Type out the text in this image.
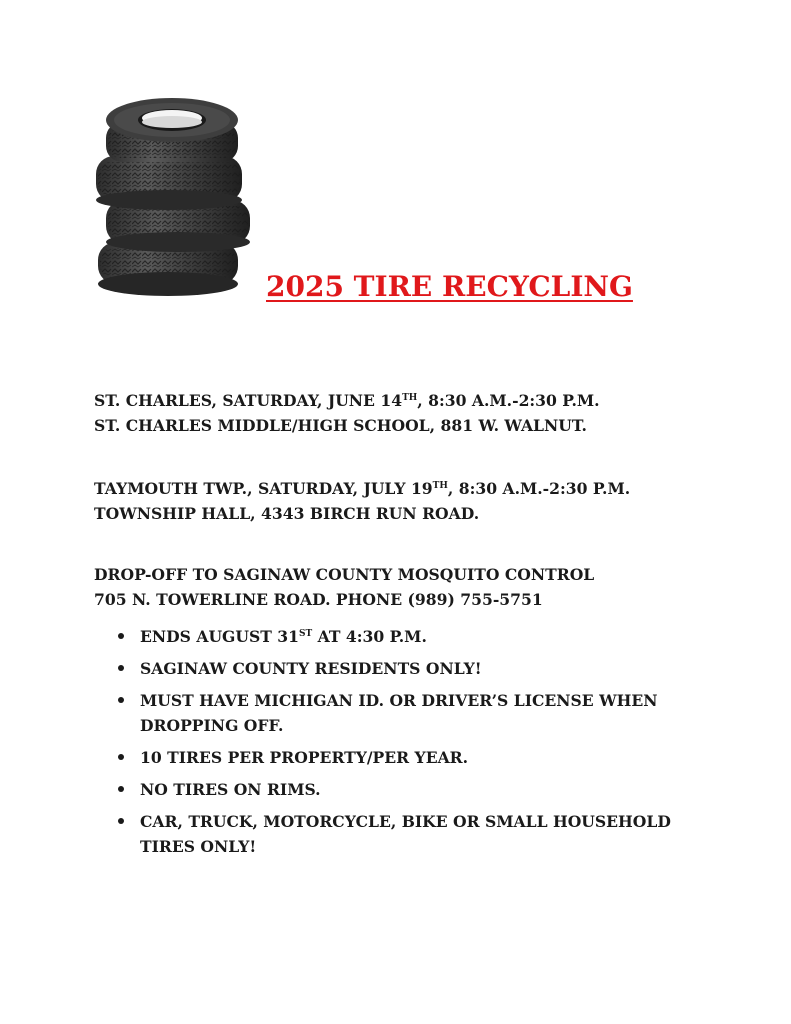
2025 TIRE RECYCLING
ST. CHARLES, SATURDAY, JUNE 14TH, 8:30 A.M.-2:30 P.M.
ST. CHARLES MIDDLE/HIGH SCHOOL, 881 W. WALNUT.
TAYMOUTH TWP., SATURDAY, JULY 19TH, 8:30 A.M.-2:30 P.M.
TOWNSHIP HALL, 4343 BIRCH RUN ROAD.
DROP-OFF TO SAGINAW COUNTY MOSQUITO CONTROL
705 N. TOWERLINE ROAD. PHONE (989) 755-5751
ENDS AUGUST 31ST AT 4:30 P.M.
SAGINAW COUNTY RESIDENTS ONLY!
MUST HAVE MICHIGAN ID. OR DRIVER’S LICENSE WHEN DROPPING OFF.
10 TIRES PER PROPERTY/PER YEAR.
NO TIRES ON RIMS.
CAR, TRUCK, MOTORCYCLE, BIKE OR SMALL HOUSEHOLD TIRES ONLY!
